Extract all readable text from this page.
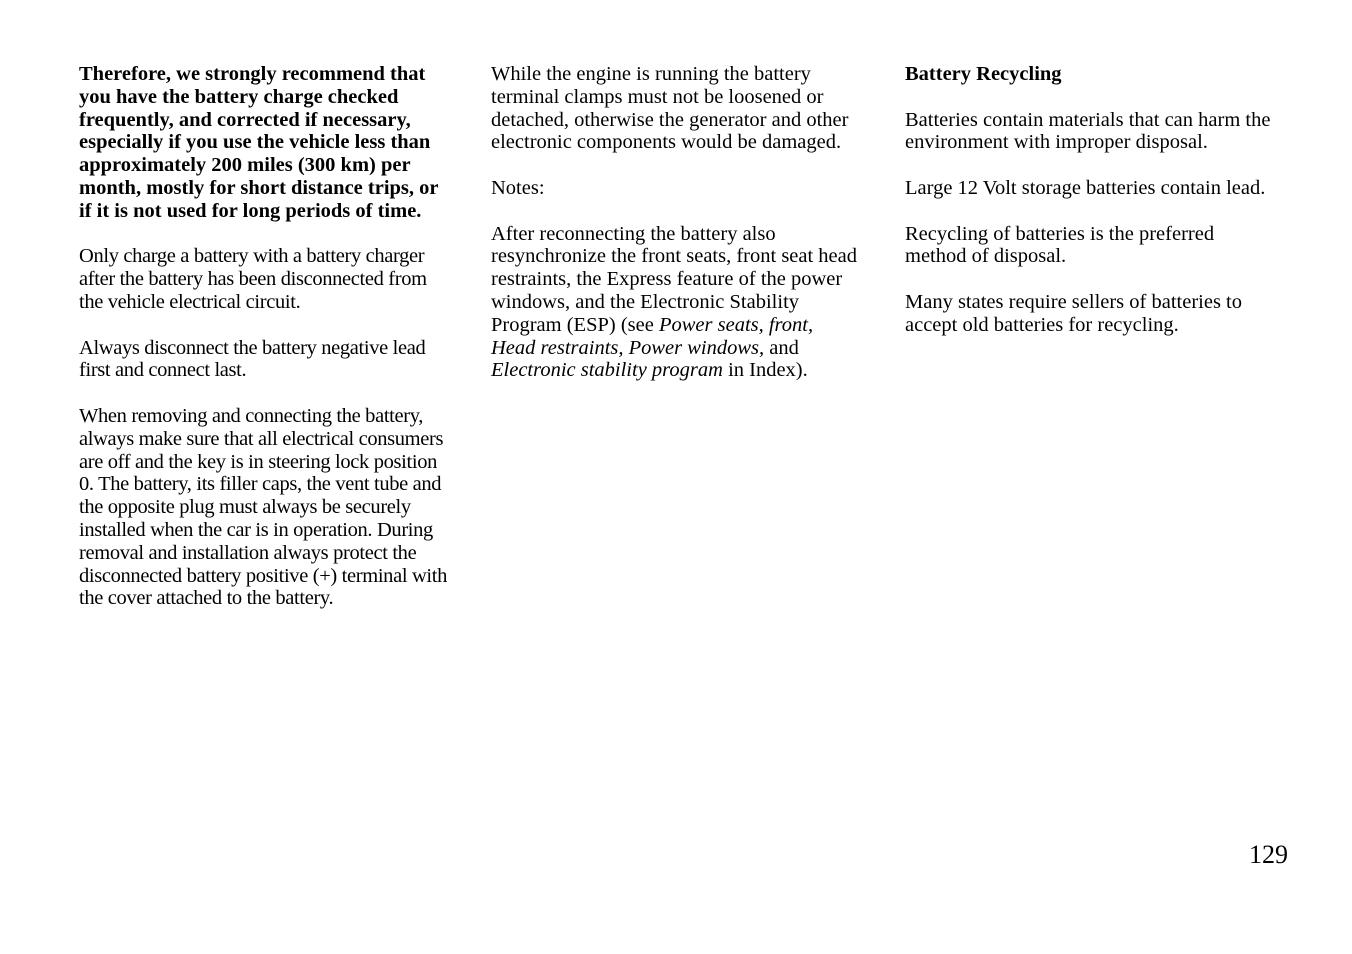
Therefore, we strongly recommend that you have the battery charge checked frequently, and corrected if necessary, especially if you use the vehicle less than approximately 200 miles (300 km) per month, mostly for short distance trips, or if it is not used for long periods of time.

Only charge a battery with a battery charger after the battery has been disconnected from the vehicle electrical circuit.

Always disconnect the battery negative lead first and connect last.

When removing and connecting the battery, always make sure that all electrical consumers are off and the key is in steering lock position 0. The battery, its filler caps, the vent tube and the opposite plug must always be securely installed when the car is in operation. During removal and installation always protect the disconnected battery positive (+) terminal with the cover attached to the battery.

While the engine is running the battery terminal clamps must not be loosened or detached, otherwise the generator and other electronic components would be damaged.

Notes:

After reconnecting the battery also resynchronize the front seats, front seat head restraints, the Express feature of the power windows, and the Electronic Stability Program (ESP) (see Power seats, front, Head restraints, Power windows, and Electronic stability program in Index).

Battery Recycling

Batteries contain materials that can harm the environment with improper disposal.

Large 12 Volt storage batteries contain lead.

Recycling of batteries is the preferred method of disposal.

Many states require sellers of batteries to accept old batteries for recycling.

129
